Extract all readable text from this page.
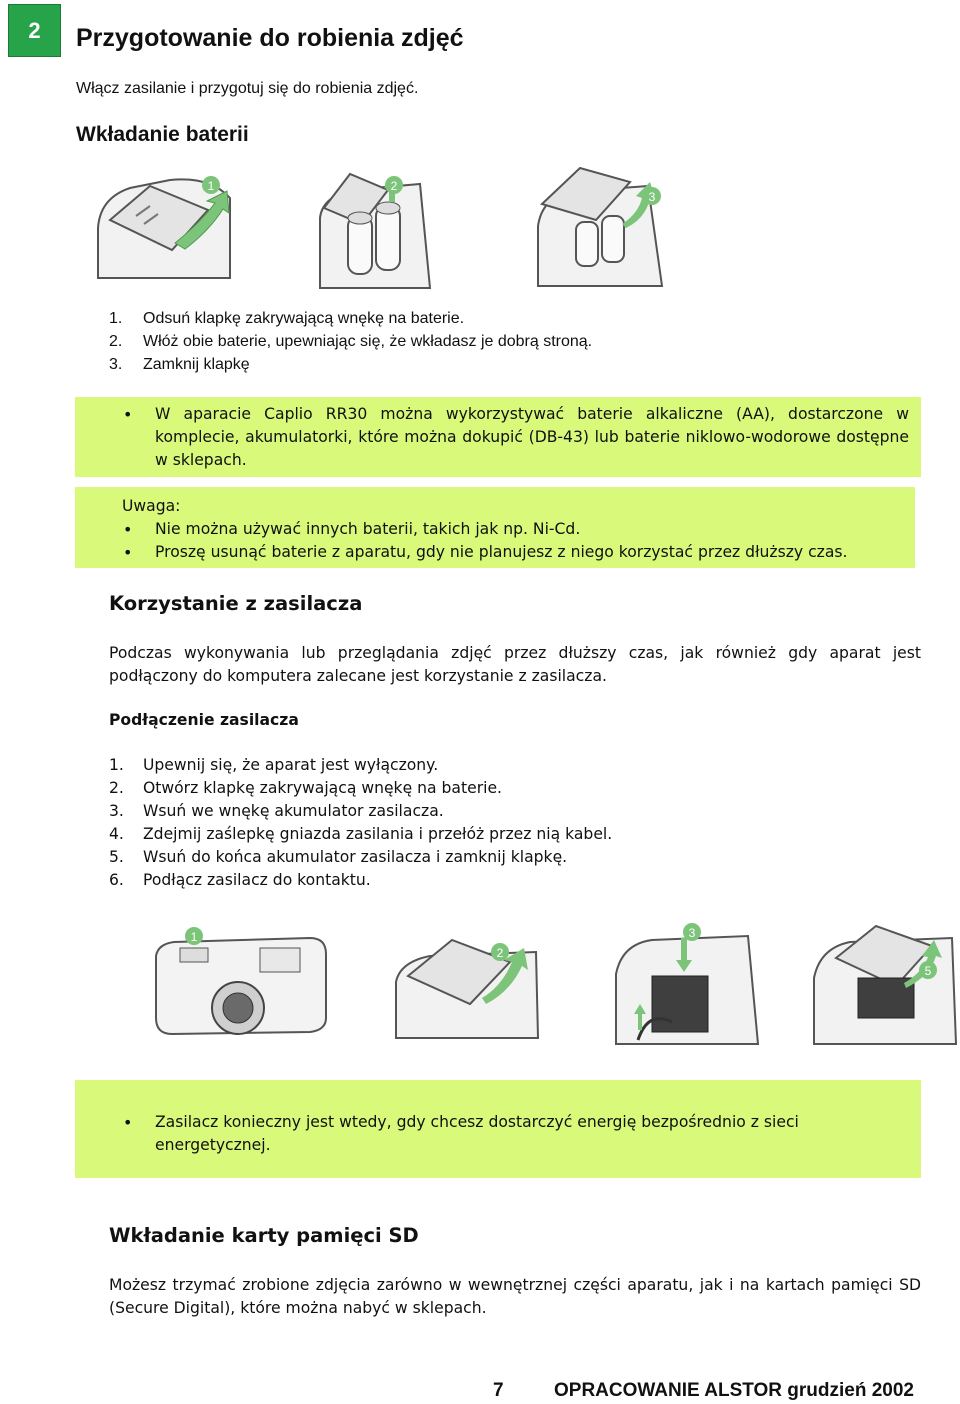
2	Przygotowanie do robienia zdjęć
Włącz zasilanie i przygotuj się do robienia zdjęć.
Wkładanie baterii
1	2
3
1.	Odsuń klapkę zakrywającą wnękę na baterie.
2.	Włóż obie baterie, upewniając się, że wkładasz je dobrą stroną.
3.	Zamknij klapkę
• W aparacie Caplio RR30 można wykorzystywać baterie alkaliczne (AA), dostarczone w komplecie, akumulatorki, które można dokupić (DB-43) lub baterie niklowo-wodorowe dostępne w sklepach.
Uwaga:
• Nie można używać innych baterii, takich jak np. Ni-Cd.
• Proszę usunąć baterie z aparatu, gdy nie planujesz z niego korzystać przez dłuższy czas.
Korzystanie z zasilacza
Podczas wykonywania lub przeglądania zdjęć przez dłuższy czas, jak również gdy aparat jest podłączony do komputera zalecane jest korzystanie z zasilacza.
Podłączenie zasilacza
1.	Upewnij się, że aparat jest wyłączony.
2.	Otwórz klapkę zakrywającą wnękę na baterie.
3.	Wsuń we wnękę akumulator zasilacza.
4.	Zdejmij zaślepkę gniazda zasilania i przełóż przez nią kabel.
5.	Wsuń do końca akumulator zasilacza i zamknij klapkę.
6.	Podłącz zasilacz do kontaktu.
1
2
3
5
• Zasilacz konieczny jest wtedy, gdy chcesz dostarczyć energię bezpośrednio z sieci energetycznej.
Wkładanie karty pamięci SD
Możesz trzymać zrobione zdjęcia zarówno w wewnętrznej części aparatu, jak i na kartach pamięci SD (Secure Digital), które można nabyć w sklepach.
7	OPRACOWANIE ALSTOR grudzień 2002
